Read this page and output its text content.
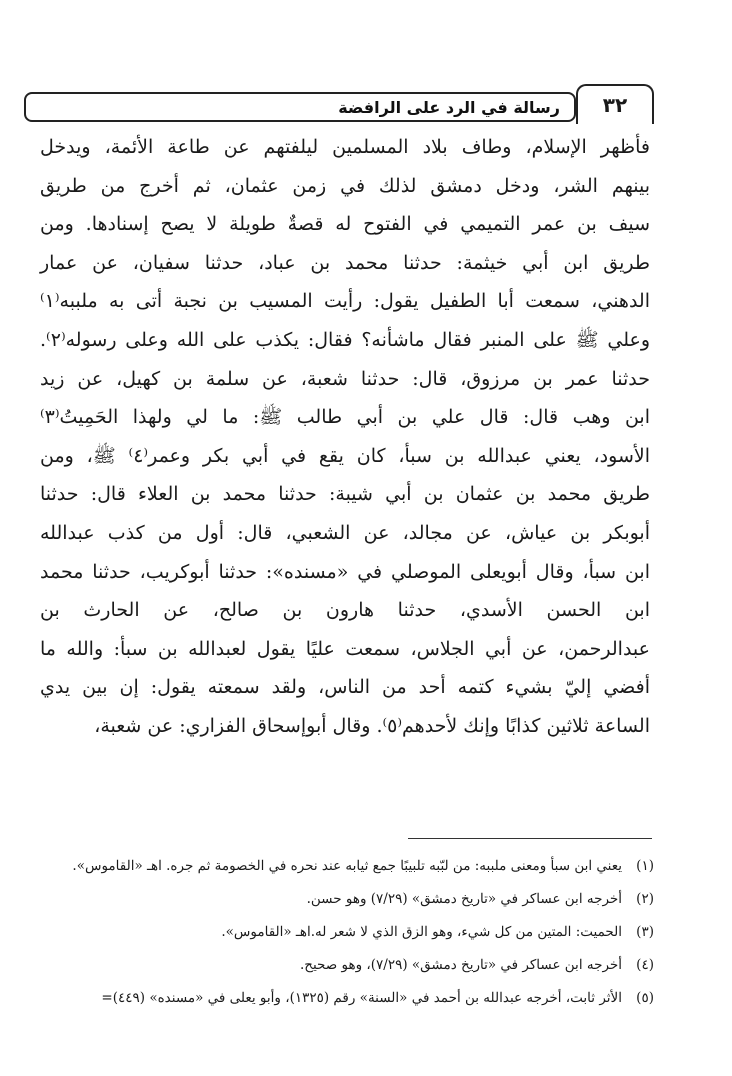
رسالة في الرد على الرافضة ٣٢
فأظهر الإسلام، وطاف بلاد المسلمين ليلفتهم عن طاعة الأئمة، ويدخل
بينهم الشر، ودخل دمشق لذلك في زمن عثمان، ثم أخرج من طريق
سيف بن عمر التميمي في الفتوح له قصةٌ طويلة لا يصح إسنادها. ومن
طريق ابن أبي خيثمة: حدثنا محمد بن عباد، حدثنا سفيان، عن عمار
الدهني، سمعت أبا الطفيل يقول: رأيت المسيب بن نجبة أتى به ملببه⁽١⁾
وعلي ﷺ على المنبر فقال ماشأنه؟ فقال: يكذب على الله وعلى رسوله⁽٢⁾.
حدثنا عمر بن مرزوق، قال: حدثنا شعبة، عن سلمة بن كهيل، عن زيد
ابن وهب قال: قال علي بن أبي طالب ﷺ: ما لي ولهذا الحَمِيتُ⁽٣⁾
الأسود، يعني عبدالله بن سبأ، كان يقع في أبي بكر وعمر⁽٤⁾ ﷺ، ومن
طريق محمد بن عثمان بن أبي شيبة: حدثنا محمد بن العلاء قال: حدثنا
أبوبكر بن عياش، عن مجالد، عن الشعبي، قال: أول من كذب عبدالله
ابن سبأ، وقال أبويعلى الموصلي في «مسنده»: حدثنا أبوكريب، حدثنا محمد
ابن الحسن الأسدي، حدثنا هارون بن صالح، عن الحارث بن
عبدالرحمن، عن أبي الجلاس، سمعت عليًا يقول لعبدالله بن سبأ: والله ما
أفضي إليّ بشيء كتمه أحد من الناس، ولقد سمعته يقول: إن بين يدي
الساعة ثلاثين كذابًا وإنك لأحدهم⁽٥⁾. وقال أبوإسحاق الفزاري: عن شعبة،
(١)
يعني ابن سبأ ومعنى ملببه: من لبّبه تلبيبًا جمع ثيابه عند نحره في الخصومة ثم جره. اهـ «القاموس».
(٢)
أخرجه ابن عساكر في «تاريخ دمشق» (٧/٢٩) وهو حسن.
(٣)
الحميت: المتين من كل شيء، وهو الزق الذي لا شعر له.اهـ «القاموس».
(٤)
أخرجه ابن عساكر في «تاريخ دمشق» (٧/٢٩)، وهو صحيح.
(٥)
الأثر ثابت، أخرجه عبدالله بن أحمد في «السنة» رقم (١٣٢٥)، وأبو يعلى في «مسنده» (٤٤٩)=
